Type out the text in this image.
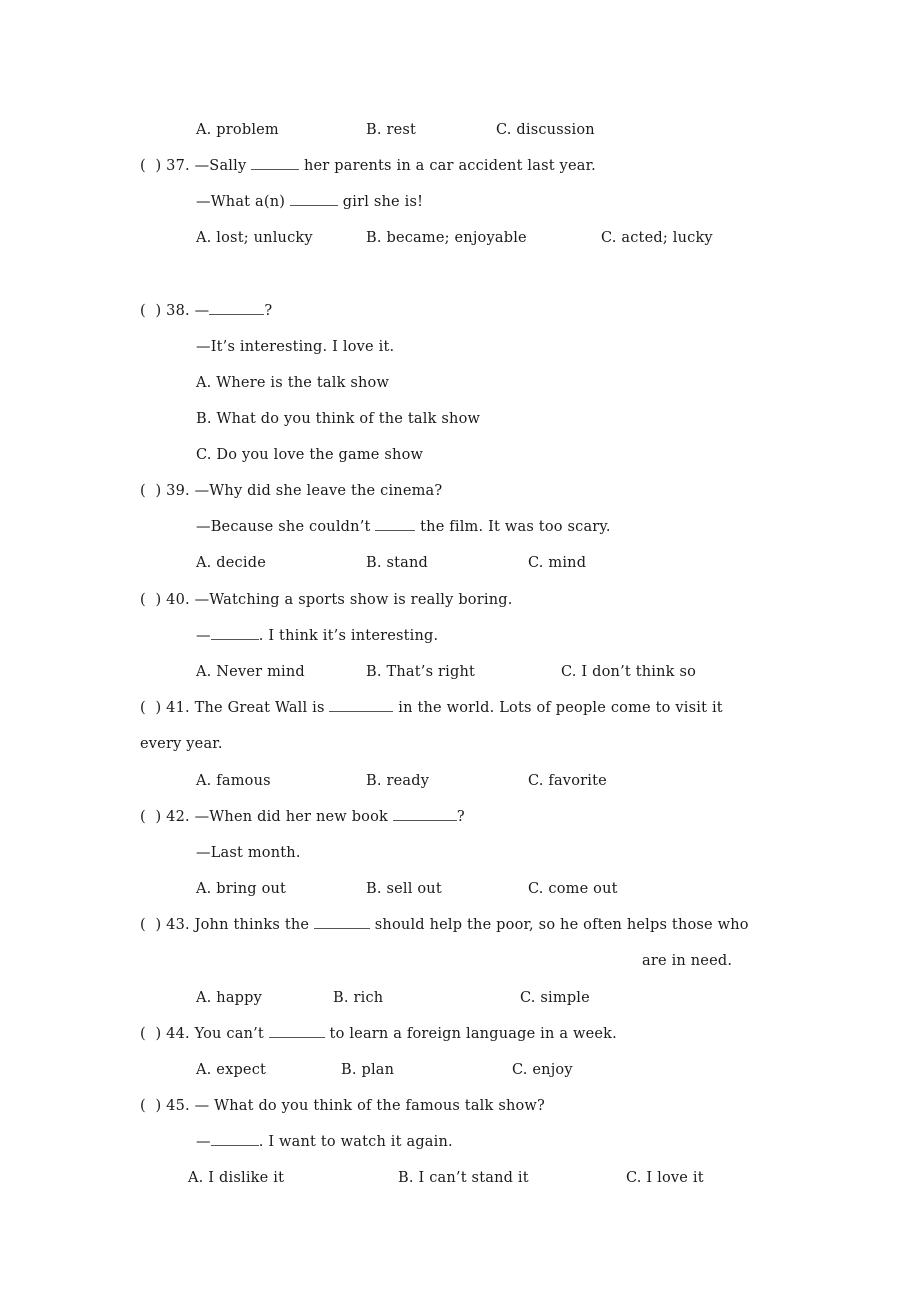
A. problem	B. rest	C. discussion
(  ) 37. —Sally	her parents in a car accident last year.
—What a(n)	girl she is!
A. lost; unlucky	B. became; enjoyable	C. acted; lucky
(  ) 38. —	?
—It’s interesting. I love it.
A. Where is the talk show
B. What do you think of the talk show
C. Do you love the game show
(  ) 39. —Why did she leave the cinema?
—Because she couldn’t	the film. It was too scary.
A. decide	B. stand	C. mind
(  ) 40. —Watching a sports show is really boring.
—	. I think it’s interesting.
A. Never mind	B. That’s right	C. I don’t think so
(  ) 41. The Great Wall is	in the world. Lots of people come to visit it
every year.
A. famous	B. ready	C. favorite
(  ) 42. —When did her new book	?
—Last month.
A. bring out	B. sell out	C. come out
(  ) 43. John thinks the	should help the poor, so he often helps those who
are in need.
A. happy	B. rich	C. simple
(  ) 44. You can’t	to learn a foreign language in a week.
A. expect	B. plan	C. enjoy
(  ) 45. — What do you think of the famous talk show?
—	. I want to watch it again.
A. I dislike it	B. I can’t stand it	C. I love it
